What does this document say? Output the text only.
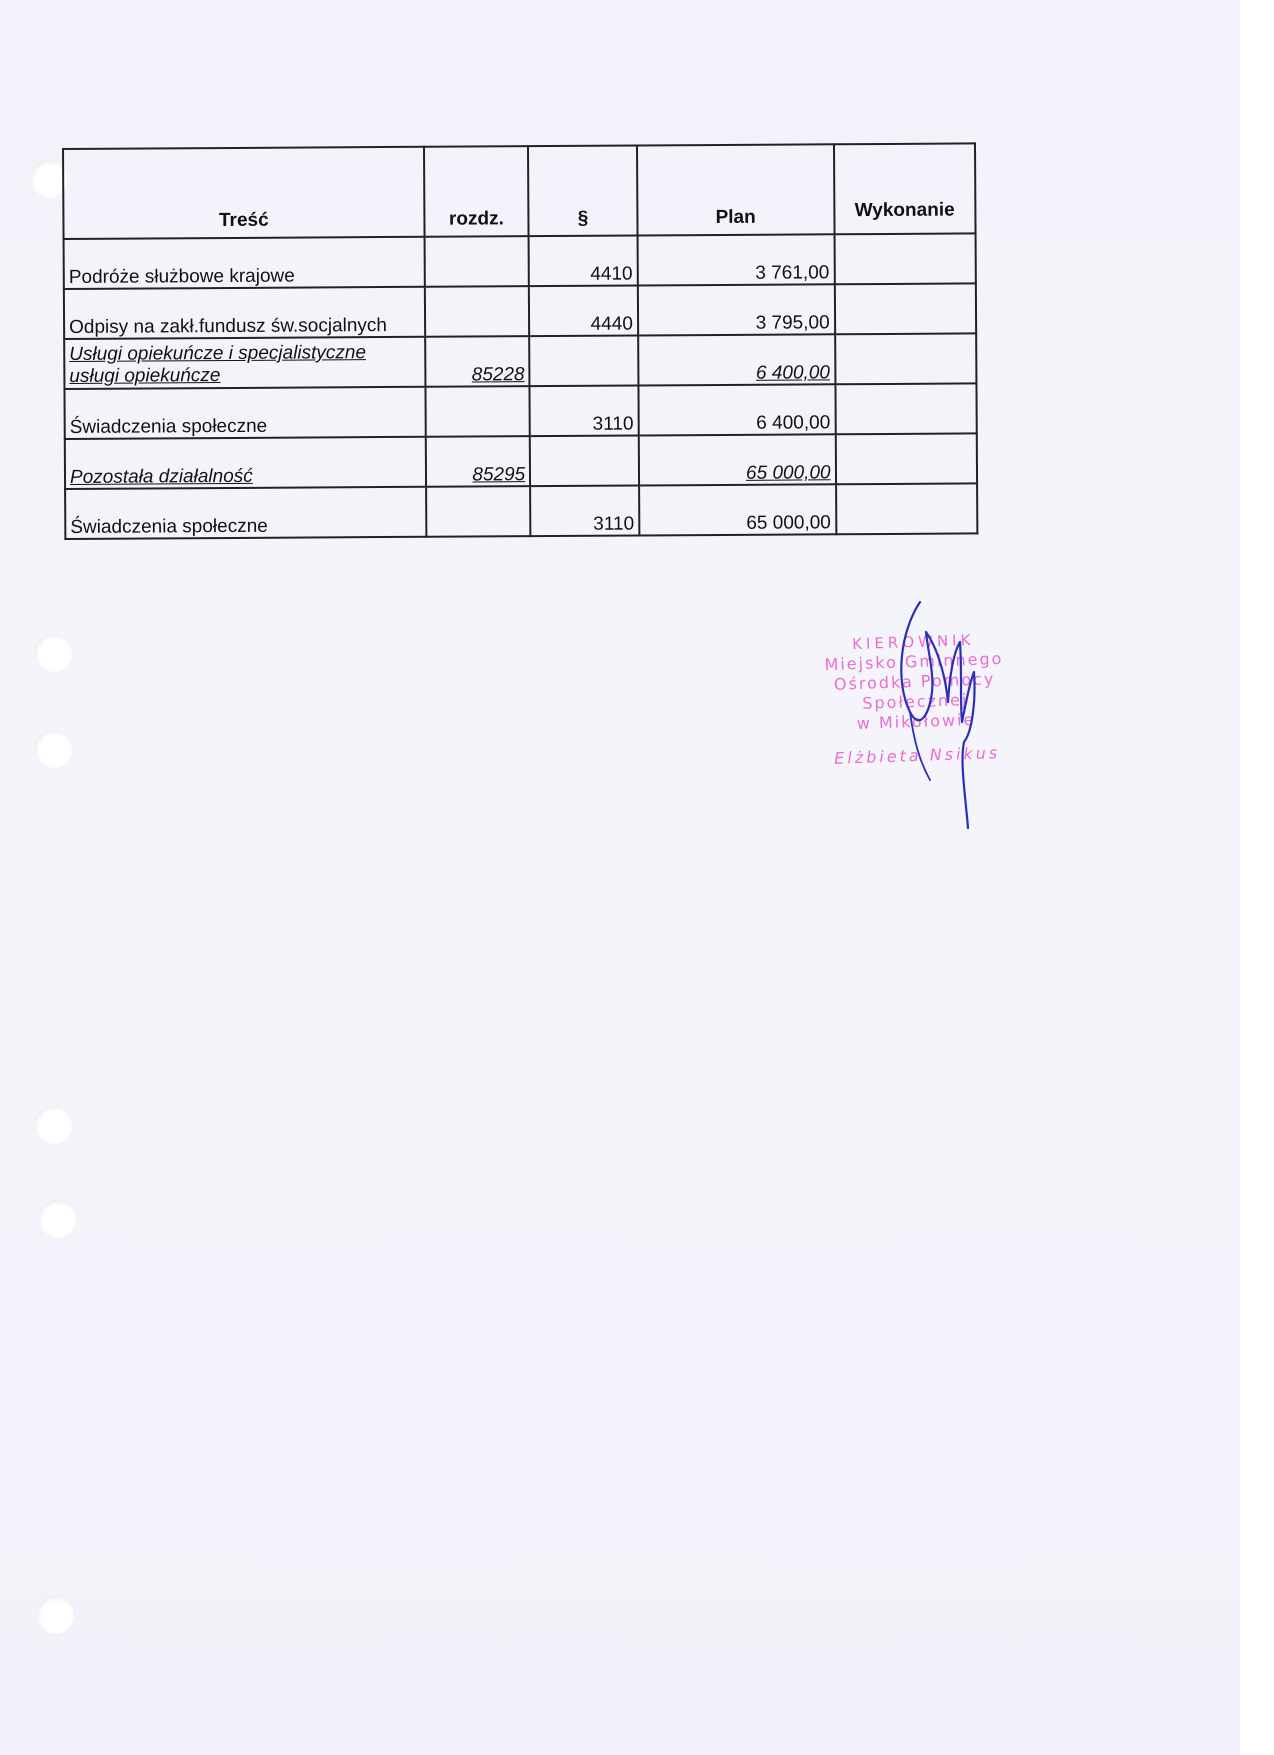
Treść	rozdz.	§	Plan	Wykonanie
Podróże służbowe krajowe		4410	3 761,00	
Odpisy na zakł.fundusz św.socjalnych		4440	3 795,00	
Usługi opiekuńcze i specjalistyczne
usługi opiekuńcze	85228		6 400,00	
Świadczenia społeczne		3110	6 400,00	
Pozostała działalność	85295		65 000,00	
Świadczenia społeczne		3110	65 000,00	
KIEROWNIK
Miejsko Gminnego
Ośrodka Pomocy Społecznej
w Mikołowie
Elżbieta Nsikus
